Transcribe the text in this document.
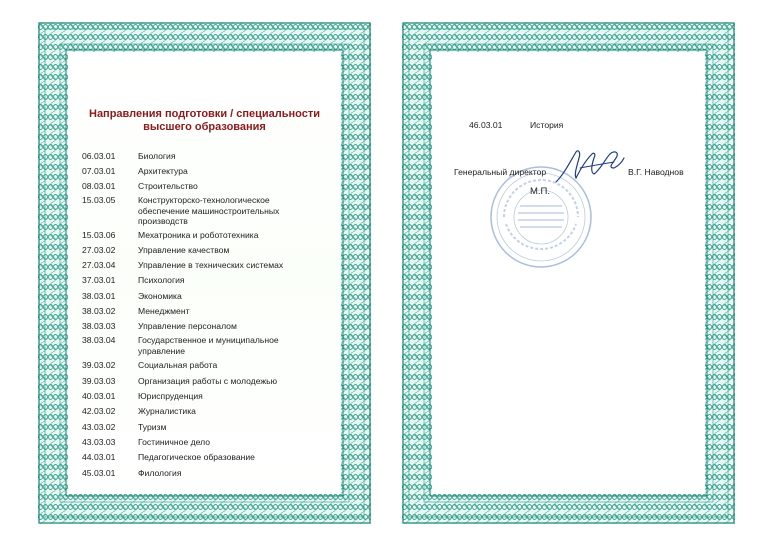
Направления подготовки / специальности
высшего образования
06.03.01	Биология
07.03.01	Архитектура
08.03.01	Строительство
15.03.05	Конструкторско-технологическое обеспечение машиностроительных производств
15.03.06	Мехатроника и робототехника
27.03.02	Управление качеством
27.03.04	Управление в технических системах
37.03.01	Психология
38.03.01	Экономика
38.03.02	Менеджмент
38.03.03	Управление персоналом
38.03.04	Государственное и муниципальное управление
39.03.02	Социальная работа
39.03.03	Организация работы с молодежью
40.03.01	Юриспруденция
42.03.02	Журналистика
43.03.02	Туризм
43.03.03	Гостиничное дело
44.03.01	Педагогическое образование
45.03.01	Филология
46.03.01	История
Генеральный директор	В.Г. Наводнов
М.П.
